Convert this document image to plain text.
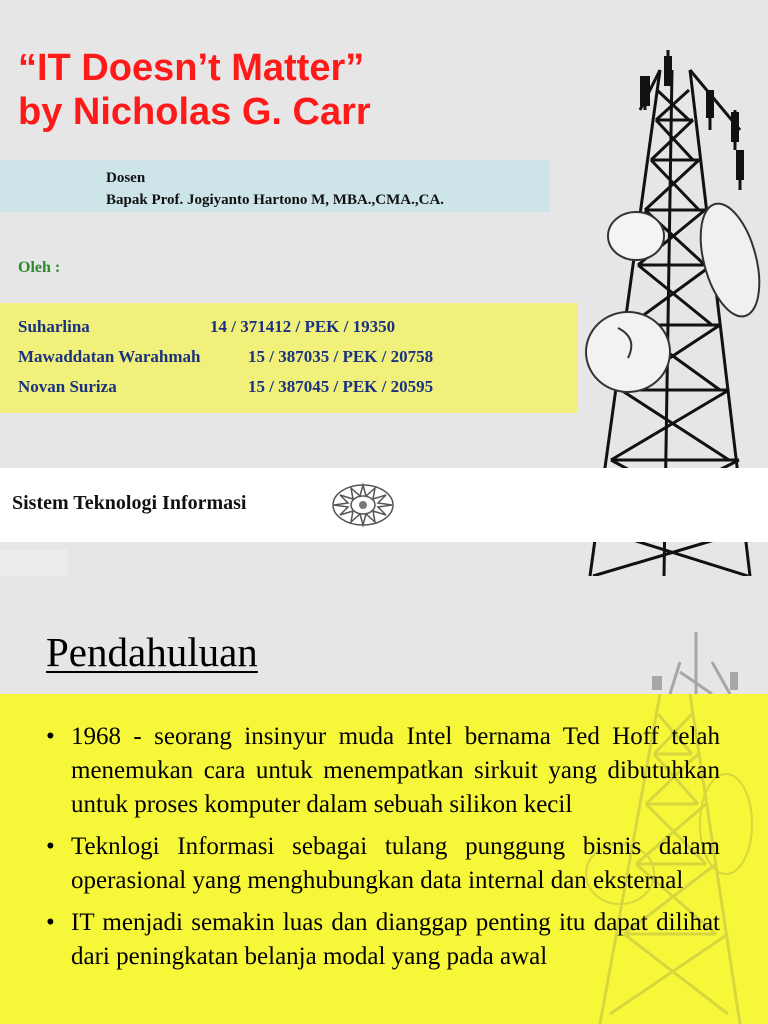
“IT Doesn’t Matter”
by Nicholas G. Carr
Dosen
Bapak Prof. Jogiyanto Hartono M, MBA.,CMA.,CA.
Oleh :
Suharlina	14 / 371412 / PEK / 19350
Mawaddatan Warahmah	15 / 387035 / PEK / 20758
Novan Suriza	15 / 387045 / PEK / 20595
Sistem Teknologi Informasi
Pendahuluan
• 1968 - seorang insinyur muda Intel bernama Ted Hoff telah menemukan cara untuk menempatkan sirkuit yang dibutuhkan untuk proses komputer dalam sebuah silikon kecil
• Teknlogi Informasi sebagai tulang punggung bisnis dalam operasional yang menghubungkan data internal dan eksternal
• IT menjadi semakin luas dan dianggap penting itu dapat dilihat dari peningkatan belanja modal yang pada awal
